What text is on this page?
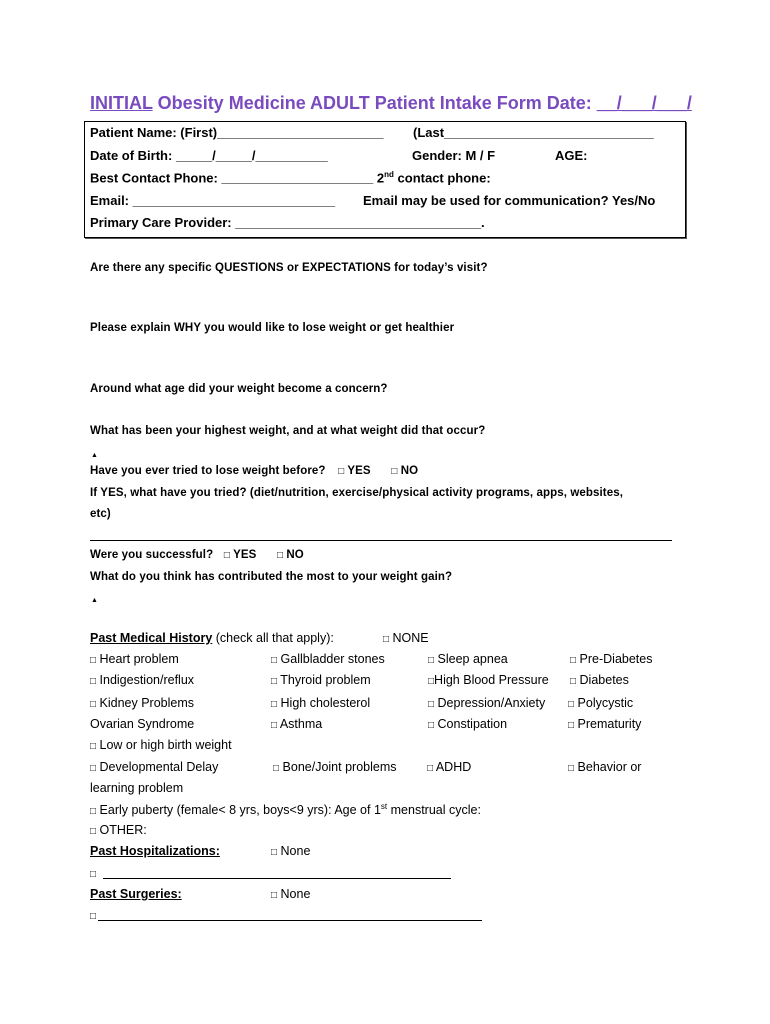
INITIAL Obesity Medicine ADULT Patient Intake Form Date: __/___/___/
Patient Name: (First)_______________________ (Last_____________________________
Date of Birth: _____/_____/__________	Gender: M / F	AGE:
Best Contact Phone: _____________________ 2nd contact phone:
Email: ____________________________ Email may be used for communication? Yes/No
Primary Care Provider: __________________________________.
Are there any specific QUESTIONS or EXPECTATIONS for today’s visit?
Please explain WHY you would like to lose weight or get healthier
Around what age did your weight become a concern?
What has been your highest weight, and at what weight did that occur?
▲
Have you ever tried to lose weight before? □ YES □ NO
If YES, what have you tried? (diet/nutrition, exercise/physical activity programs, apps, websites,
etc)
Were you successful? □ YES □ NO
What do you think has contributed the most to your weight gain?
▲
Past Medical History (check all that apply):	□ NONE
□ Heart problem	□ Gallbladder stones	□ Sleep apnea	□ Pre-Diabetes
□ Indigestion/reflux	□ Thyroid problem	□High Blood Pressure □ Diabetes
□ Kidney Problems	□ High cholesterol	□ Depression/Anxiety □ Polycystic
Ovarian Syndrome	□ Asthma	□ Constipation	□ Prematurity
□ Low or high birth weight
□ Developmental Delay	□ Bone/Joint problems	□ ADHD	□ Behavior or
learning problem
□ Early puberty (female< 8 yrs, boys<9 yrs): Age of 1st menstrual cycle:
□ OTHER:
Past Hospitalizations:	□ None
□
Past Surgeries:	□ None
□
